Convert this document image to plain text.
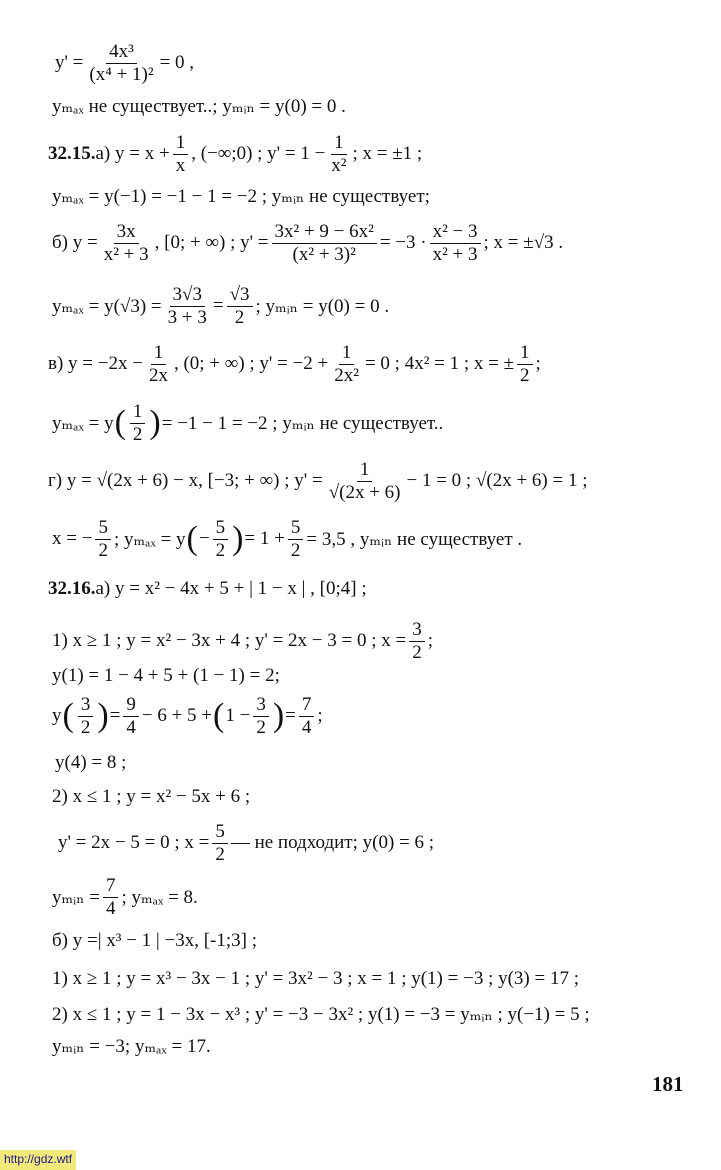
$y' = \frac{\text{4x³}}{\text{(x⁴ + 1)²}} = 0$ ,
yₘₐₓ не существует..; yₘᵢₙ = y(0) = 0 .
32.15. а) $y = x + \frac{1}{x}$ , (−∞;0) ; $y' = 1 - \frac{1}{\text{x²}}$ ; x = ±1 ;
yₘₐₓ = y(−1) = −1 − 1 = −2 ; yₘᵢₙ не существует;
б) $y = \frac{3x}{\text{x² + 3}}$ , [0; + ∞) ; $y' = \frac{\text{3x² + 9 − 6x²}}{\text{(x² + 3)²}} = -3 \cdot \frac{\text{x² − 3}}{\text{x² + 3}}$ ; x = ±√3 .
$y_{max} = y(√3) = \frac{3√3}{3 + 3} = \frac{√3}{2}$ ; yₘᵢₙ = y(0) = 0 .
в) $y = -2x - \frac{1}{2x}$ , (0; + ∞) ; $y' = -2 + \frac{1}{\text{2x²}} = 0$ ; 4x² = 1 ; x = ± $\frac{1}{2}$ ;
yₘₐₓ = y ( $\frac{1}{2}$ ) = −1 − 1 = −2 ; yₘᵢₙ не существует..
г) y = √(2x + 6) − x, [−3; + ∞) ; $y' = \frac{1}{√(2x + 6)} - 1 = 0$ ; √(2x + 6) = 1 ;
x = − $\frac{5}{2}$ ; yₘₐₓ = y ( − $\frac{5}{2}$ ) = $1 + \frac{5}{2} = 3,5$ , yₘᵢₙ не существует .
32.16. а) y = x² − 4x + 5 + | 1 − x | , [0;4] ;
1) x ≥ 1 ; y = x² − 3x + 4 ; y' = 2x − 3 = 0 ; $x = \frac{3}{2}$ ;
y(1) = 1 − 4 + 5 + (1 − 1) = 2;
y ( $\frac{3}{2}$ ) = $\frac{9}{4} - 6 + 5$ + ( $1 - \frac{3}{2}$ ) = $\frac{7}{4}$ ;
y(4) = 8 ;
2) x ≤ 1 ; y = x² − 5x + 6 ;
y' = 2x − 5 = 0 ; $x = \frac{5}{2}$ — не подходит; y(0) = 6 ;
yₘᵢₙ = $\frac{7}{4}$ ; yₘₐₓ = 8.
б) y =| x³ − 1 | −3x, [-1;3] ;
1) x ≥ 1 ; y = x³ − 3x − 1 ; y' = 3x² − 3 ; x = 1 ; y(1) = −3 ; y(3) = 17 ;
2) x ≤ 1 ; y = 1 − 3x − x³ ; y' = −3 − 3x² ; y(1) = −3 = yₘᵢₙ ; y(−1) = 5 ;
yₘᵢₙ = −3; yₘₐₓ = 17.
181
http://gdz.wtf
